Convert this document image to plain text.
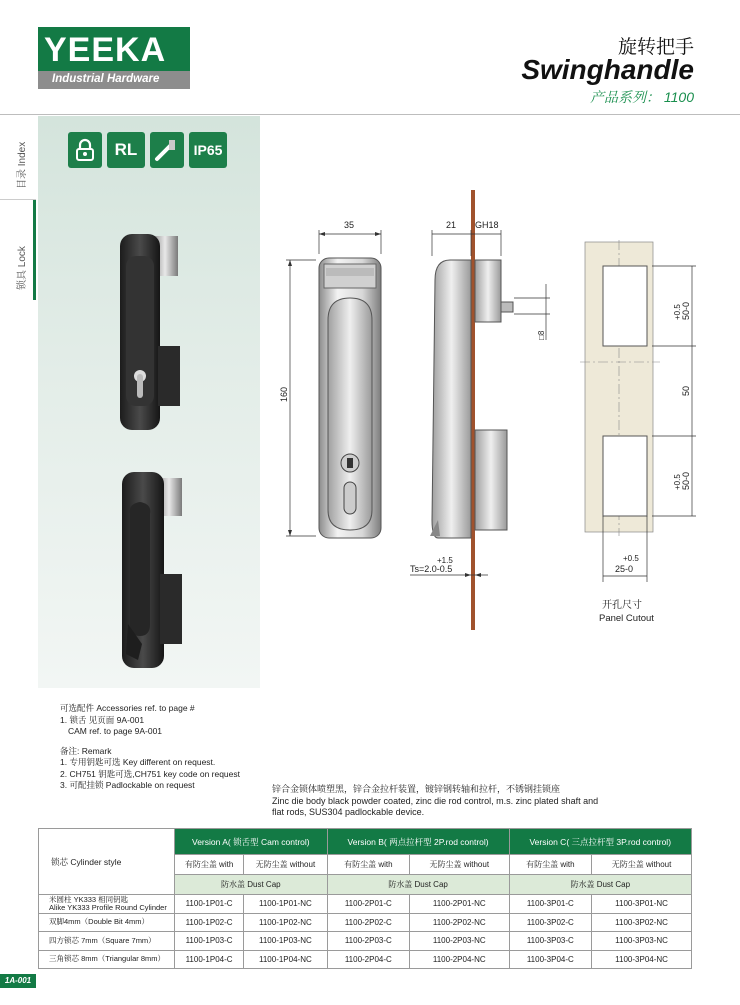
YEEKA
Industrial Hardware
旋转把手
Swinghandle
产品系列： 1100
目录 Index
锁具 Lock
RL	IP65
35
160
21 GH18
□8
+1.5
Ts=2.0-0.5
+0.5 50-0
50
+0.5 50-0
+0.5
25-0
开孔尺寸
Panel Cutout
可选配件 Accessories ref. to page #
1. 锁舌 见页面 9A-001
CAM ref. to page 9A-001
备注: Remark
1. 专用钥匙可选 Key different on request.
2. CH751 钥匙可选,CH751 key code on request
3. 可配挂锁 Padlockable on request	锌合金锁体喷塑黑，锌合金拉杆装置，镀锌钢转轴和拉杆，不锈钢挂锁座
Zinc die body black powder coated, zinc die rod control, m.s. zinc plated shaft and
flat rods, SUS304 padlockable device.
锁芯 Cylinder style	Version A( 锁舌型 Cam control)		Version B( 两点拉杆型 2P.rod control)		Version C( 三点拉杆型 3P.rod control)	
	有防尘盖 with	无防尘盖 without	有防尘盖 with	无防尘盖 without	有防尘盖 with	无防尘盖 without
	防水盖 Dust Cap		防水盖 Dust Cap		防水盖 Dust Cap	

米圆柱 YK333 相同钥匙
Alike YK333 Profile Round Cylinder	1100-1P01-C	1100-1P01-NC	1100-2P01-C	1100-2P01-NC	1100-3P01-C	1100-3P01-NC
双脚4mm（Double Bit 4mm）	1100-1P02-C	1100-1P02-NC	1100-2P02-C	1100-2P02-NC	1100-3P02-C	1100-3P02-NC
四方锁芯 7mm（Square 7mm）	1100-1P03-C	1100-1P03-NC	1100-2P03-C	1100-2P03-NC	1100-3P03-C	1100-3P03-NC
三角锁芯 8mm（Triangular 8mm）	1100-1P04-C	1100-1P04-NC	1100-2P04-C	1100-2P04-NC	1100-3P04-C	1100-3P04-NC
1A-001
